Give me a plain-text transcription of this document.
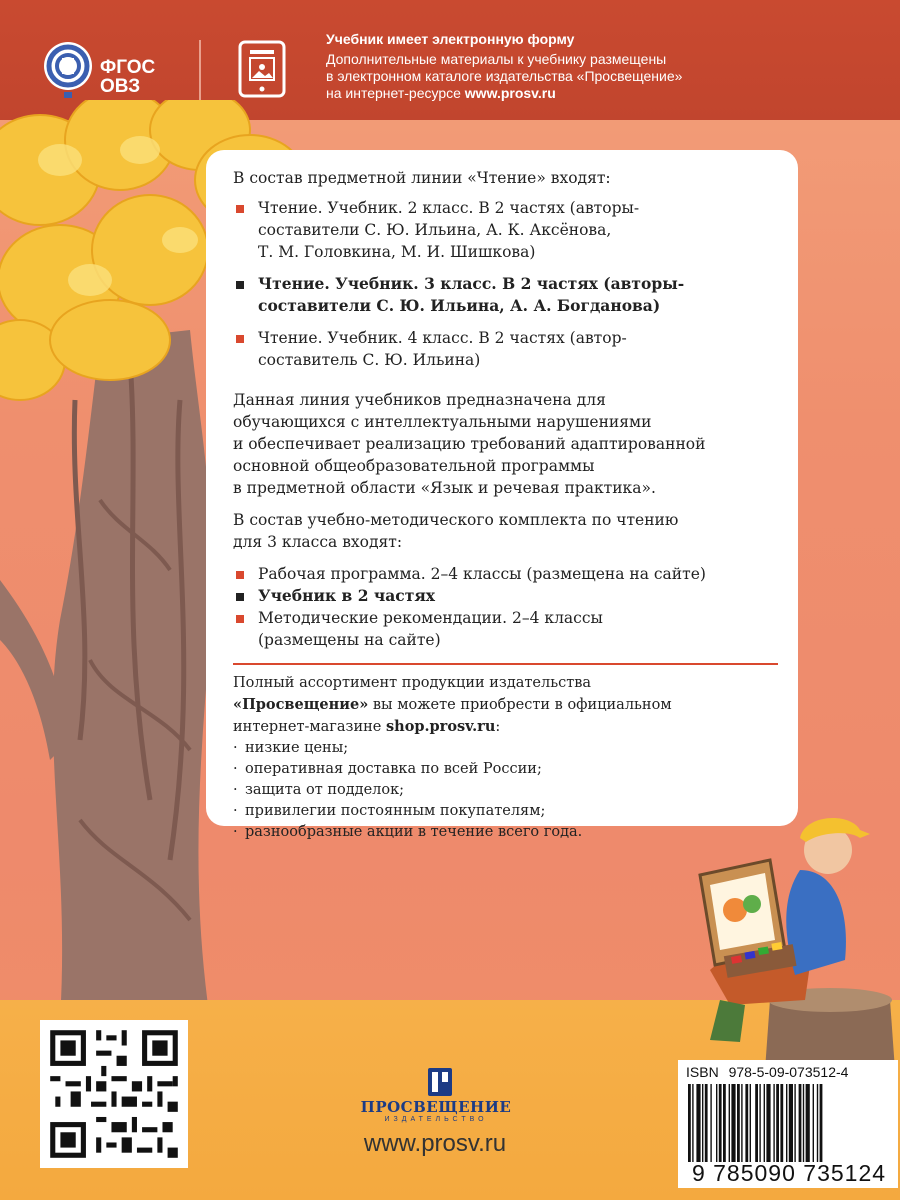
ФГОС
ОВЗ
Учебник имеет электронную форму
Дополнительные материалы к учебнику размещены
в электронном каталоге издательства «Просвещение»
на интернет-ресурсе www.prosv.ru

В состав предметной линии «Чтение» входят:

Чтение. Учебник. 2 класс. В 2 частях (авторы-
составители С. Ю. Ильина, А. К. Аксёнова,
Т. М. Головкина, М. И. Шишкова)
Чтение. Учебник. 3 класс. В 2 частях (авторы-
составители С. Ю. Ильина, А. А. Богданова)
Чтение. Учебник. 4 класс. В 2 частях (автор-
составитель С. Ю. Ильина)
Данная линия учебников предназначена для
обучающихся с интеллектуальными нарушениями
и обеспечивает реализацию требований адаптированной
основной общеобразовательной программы
в предметной области «Язык и речевая практика».
В состав учебно-методического комплекта по чтению
для 3 класса входят:
Рабочая программа. 2–4 классы (размещена на сайте)
Учебник в 2 частях
Методические рекомендации. 2–4 классы
(размещены на сайте)
Полный ассортимент продукции издательства
«Просвещение» вы можете приобрести в официальном
интернет-магазине shop.prosv.ru:
· низкие цены;
· оперативная доставка по всей России;
· защита от подделок;
· привилегии постоянным покупателям;
· разнообразные акции в течение всего года.
ПРОСВЕЩЕНИЕ
ИЗДАТЕЛЬСТВО
www.prosv.ru
ISBN 978-5-09-073512-4
9 785090 735124
